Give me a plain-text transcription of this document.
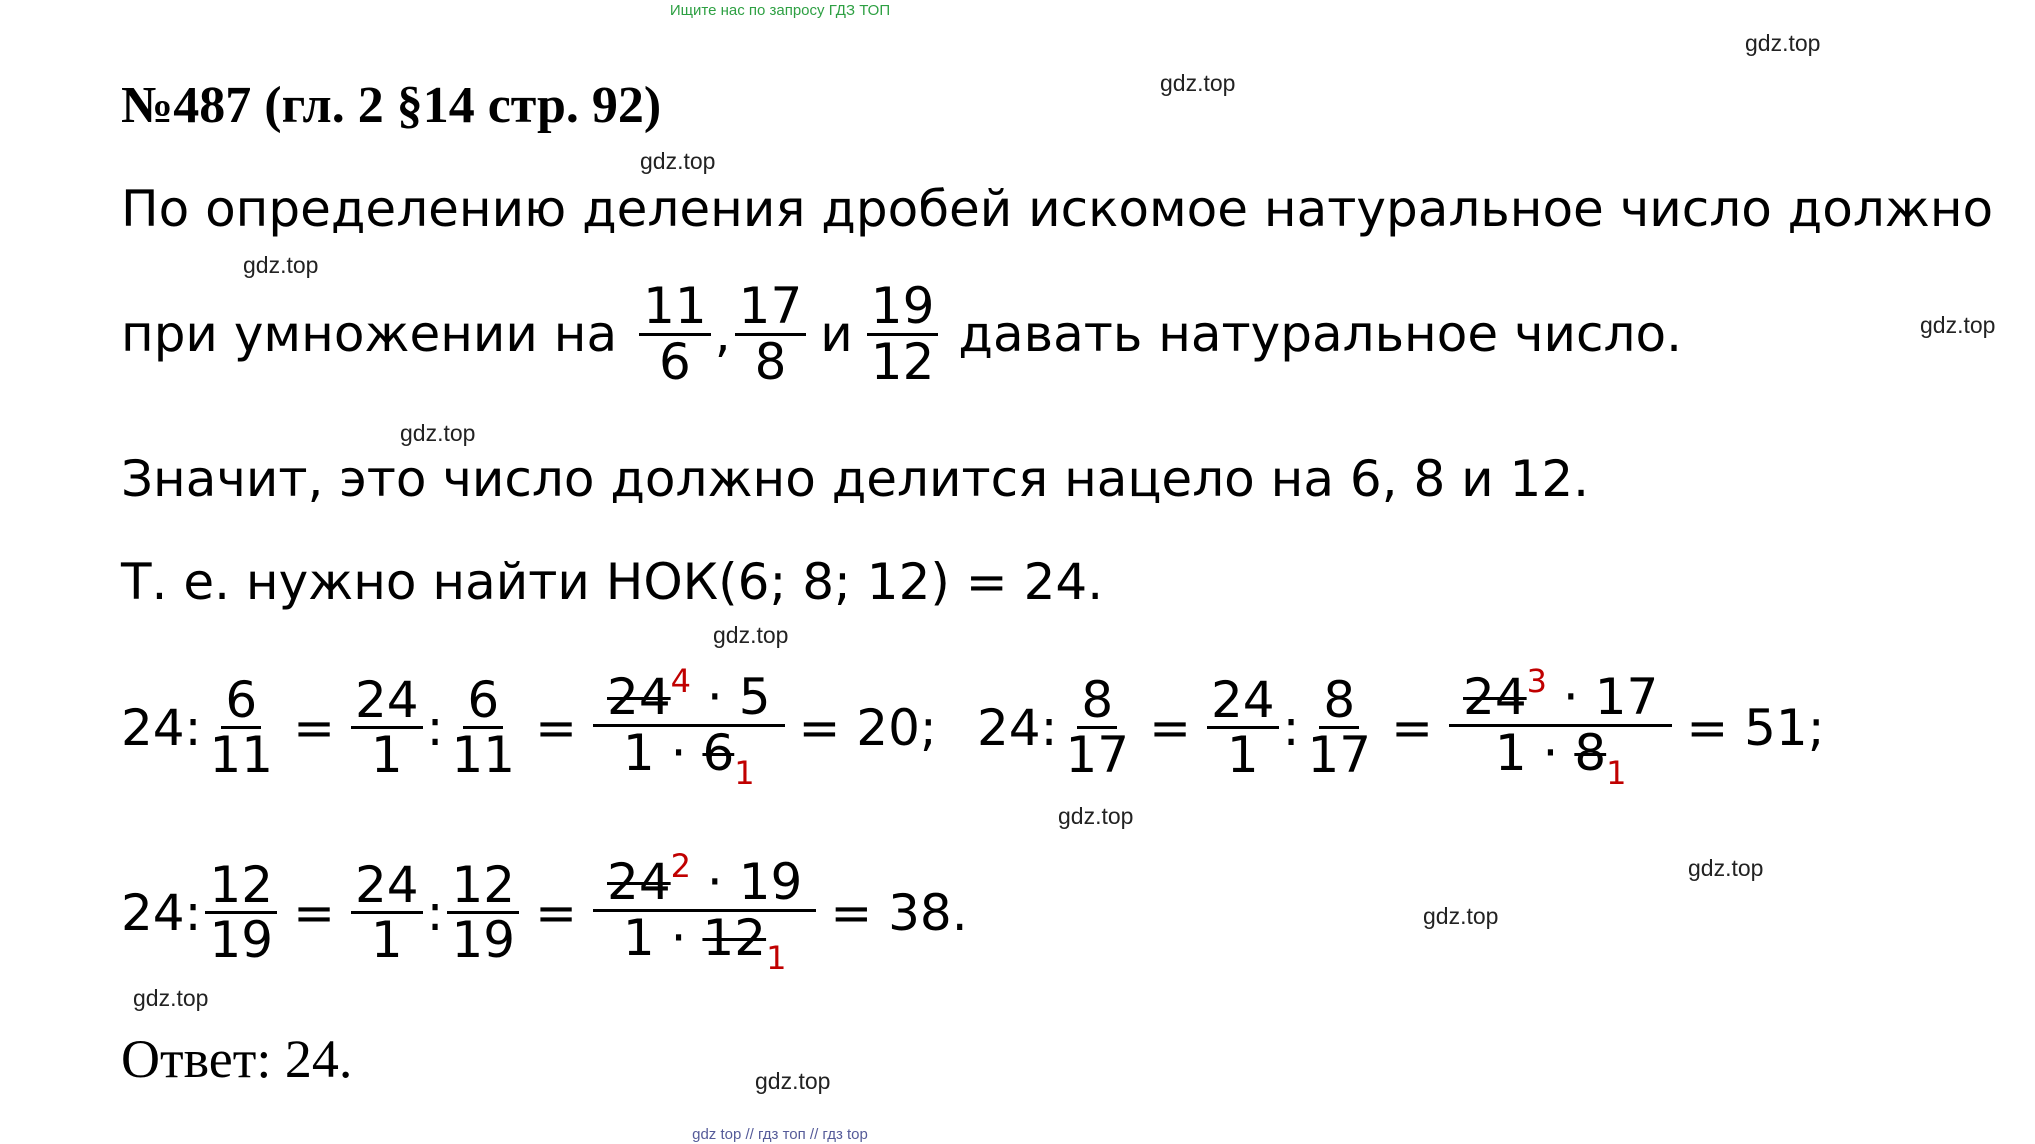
Ищите нас по запросу ГДЗ ТОП
gdz.top
gdz.top
gdz.top
gdz.top
gdz.top
gdz.top
gdz.top
gdz.top
gdz.top
gdz.top
gdz.top
gdz.top
№487 (гл. 2 §14 стр. 92)
По определению деления дробей искомое натуральное число должно
при умножении на $\frac{11}{6}$ , $\frac{17}{8}$ и $\frac{19}{12}$ давать натуральное число.
Значит, это число должно делится нацело на 6, 8 и 12.
Т. е. нужно найти НОК(6; 8; 12) = 24.
24: $\frac{6}{11} = \frac{24}{1}$ : $\frac{6}{11} = \frac{24^4 \cdot 5}{1 \cdot 6_1} = 20$; 24: $\frac{8}{17} = \frac{24}{1}$ : $\frac{8}{17} = \frac{24^3 \cdot 17}{1 \cdot 8_1} = 51$;
24: $\frac{12}{19} = \frac{24}{1}$ : $\frac{12}{19} = \frac{24^2 \cdot 19}{1 \cdot 12_1} = 38$.
Ответ: 24.
gdz top // гдз топ // гдз top
